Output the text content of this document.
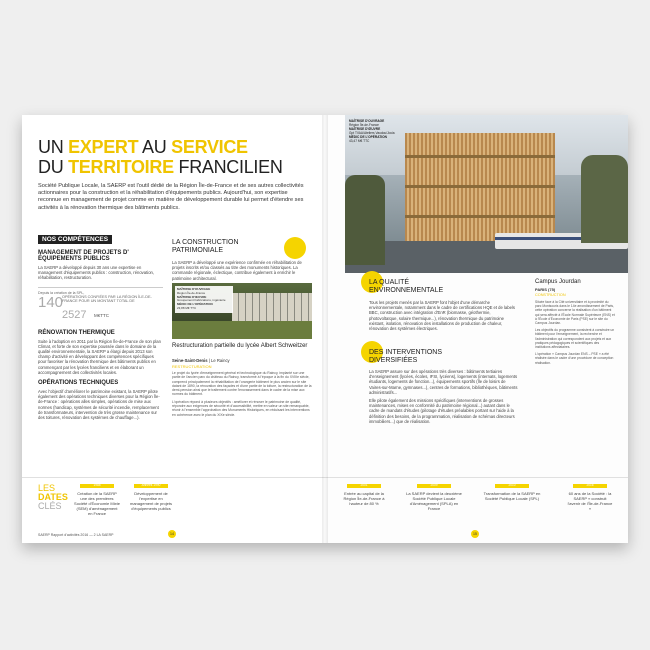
UN EXPERT AU SERVICE
DU TERRITOIRE FRANCILIEN
Société Publique Locale, la SAERP est l'outil dédié de la Région Île-de-France et de ses autres collectivités actionnaires pour la construction et la réhabilitation d'équipements publics. Aujourd'hui, son expertise reconnue en management de projet comme en matière de développement durable lui permet d'étendre ses activités à la rénovation thermique des bâtiments publics.
NOS COMPÉTENCES
MANAGEMENT DE PROJETS D'
ÉQUIPEMENTS PUBLICS
La SAERP a développé depuis 30 ans une expertise en management d'équipements publics : construction, rénovation, réhabilitation, restructuration.
Depuis la création de la SPL,
140
OPÉRATIONS CONFIÉES PAR LA RÉGION ÎLE-DE-FRANCE POUR UN MONTANT TOTAL DE
2527 M€TTC
RÉNOVATION THERMIQUE
Suite à l'adoption en 2011 par la Région Île-de-France de son plan Climat, et forte de son expertise poussée dans le domaine de la qualité environnementale, la SAERP a élargi depuis 2013 son champ d'activité en développant des compétences spécifiques pour favoriser la rénovation thermique des bâtiments publics en commençant par les lycées franciliens et en élaborant un accompagnement des collectivités locales.
OPÉRATIONS TECHNIQUES
Avec l'objectif d'améliorer le patrimoine existant, la SAERP pilote également des opérations techniques diverses pour la Région Île-de-France : opérations alles simples, opérations de mise aux normes (handicap, systèmes de sécurité incendie, remplacement de transformateurs, intervention de très grosse maintenance sur des toitures, rénovation des systèmes de chauffage...).
LA CONSTRUCTION
PATRIMONIALE
La SAERP a développé une expérience confirmée en réhabilitation de projets inscrits et/ou classés au titre des monuments historiques. La commande régionale, éclectique, contribue également à enrichir le patrimoine architectural.
MAÎTRISE D'OUVRAGE
Région Île-de-France
MAÎTRISE D'ŒUVRE
Groupement Fabrications, ingénierie
MÉDIC DE L'OPÉRATION
23,88 M€ TTC
Restructuration partielle du lycée Albert Schweitzer
Seine-Saint-Denis | Le Raincy
RESTRUCTURATION
Le projet du lycée d'enseignement général et technologique du Raincy, implanté sur une partie de l'ancien parc du château du Raincy, transformé à l'époque à la fin du XVIIIe siècle, comprend principalement la réhabilitation de l'orangerie bâtiment le plus ancien sur le site datant de 1890, la rénovation des façades et d'une partie de la toiture, la restructuration de la demi-pension ainsi que le traitement contre l'encrassement dans le cadre de la mise aux normes du bâtiment.
L'opération répond à plusieurs objectifs : améliorer et rénover le patrimoine de qualité, répondre aux exigences de sécurité et d'accessibilité, mettre en valeur un site remarquable, réunir à l'ensemble l'approbation des Monuments Historiques, en réduisant les interventions en cohérence avec le plan du XIXe siècle.
LES
DATES
CLÉS
1988
Création de la SAERP une des premières Société d'Économie Mixte (SEM) d'aménagement en France
Années 1990
Développement de l'expertise en management de projets d'équipements publics
SAERP Rapport d'activités 2016 — 2 LA SAERP	14
MAÎTRISE D'OUVRAGE
Région Île-de-France
MAÎTRISE D'ŒUVRE
Gpt TVAA/Ateliers Vaudou/Jocia
MÉDIC DE L'OPÉRATION
43,47 M€ TTC
LA QUALITÉ
ENVIRONNEMENTALE
Tous les projets menés par la SAERP font l'objet d'une démarche environnementale, notamment dans le cadre de certifications HQE et de labels BBC, construction avec intégration d'EnR (biomasse, géothermie, photovoltaïque, solaire thermique...), rénovation thermique du patrimoine existant, isolation, rénovation des installations de production de chaleur, rénovation des systèmes électriques.
DES INTERVENTIONS
DIVERSIFIÉES
La SAERP assure sur des opérations très diverses : bâtiments tertiaires d'enseignement (lycées, écoles, IFSI, lycéens), logements (internats, logements étudiants, logements de fonction...), équipements sportifs (Île de loisirs de Vaires-sur-Marne, gymnases...), centres de formations, bibliothèques, bâtiments administratifs...
Elle pilote également des missions spécifiques (interventions de grosses maintenances, mises en conformité du patrimoine régional...) autant dans le cadre de mandats d'études (pilotage d'études préalables portant sur l'aide à la définition des besoins, de la programmation, réalisation de schémas directeurs immobiliers...) que de réalisation.
Campus Jourdan
PARIS (75)
CONSTRUCTION
Située face à la Cité universitaire et à proximité du parc Montsouris dans le 14e arrondissement de Paris, cette opération concerne la réalisation d'un bâtiment qui sera affecté à l'École Normale Supérieure (ENS) et à l'École d'Économie de Paris (PSE) sur le site du Campus Jourdan.
Les objectifs du programme consistent à construire un bâtiment pour l'enseignement, la recherche et l'administration qui correspondent aux projets et aux pratiques pédagogiques et scientifiques des institutions affectataires.
L'opération « Campus Jourdan ENS – PSE » a été réalisée dans le cadre d'une procédure de conception réalisation.
2001
Entrée au capital de la Région Île-de-France à hauteur de 80 %
2009
La SAERP devient la deuxième Société Publique Locale d'Aménagement (SPLA) en France
2010
Transformation de la SAERP en Société Publique Locale (SPL)
2016
60 ans de la Société : la SAERP « construit l'avenir de l'Île-de-France »
15
